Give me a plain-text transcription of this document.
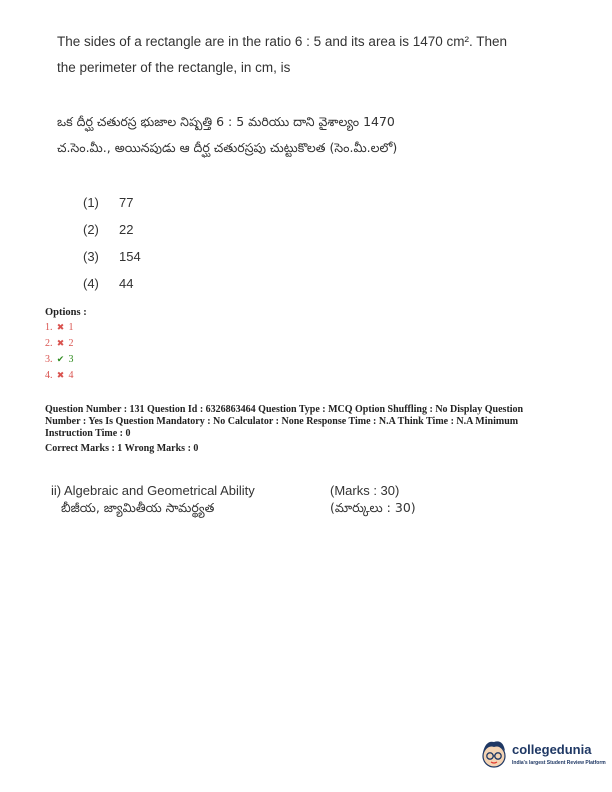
The sides of a rectangle are in the ratio 6 : 5 and its area is 1470 cm². Then
the perimeter of the rectangle, in cm, is
ఒక దీర్ఘ చతురస్ర భుజాల నిష్పత్తి 6 : 5 మరియు దాని వైశాల్యం 1470
చ.సెం.మీ., అయినపుడు ఆ దీర్ఘ చతురస్రపు చుట్టుకొలత (సెం.మీ.లలో)
(1) 77
(2) 22
(3) 154
(4) 44
Options :
1. ✖ 1
2. ✖ 2
3. ✔ 3
4. ✖ 4
Question Number : 131 Question Id : 6326863464 Question Type : MCQ Option Shuffling : No Display Question
Number : Yes Is Question Mandatory : No Calculator : None Response Time : N.A Think Time : N.A Minimum
Instruction Time : 0
Correct Marks : 1 Wrong Marks : 0
ii) Algebraic and Geometrical Ability
బీజీయ, జ్యామితీయ సామర్థ్యత
(Marks : 30)
(మార్కులు : 30)
collegedunia
India's largest Student Review Platform
